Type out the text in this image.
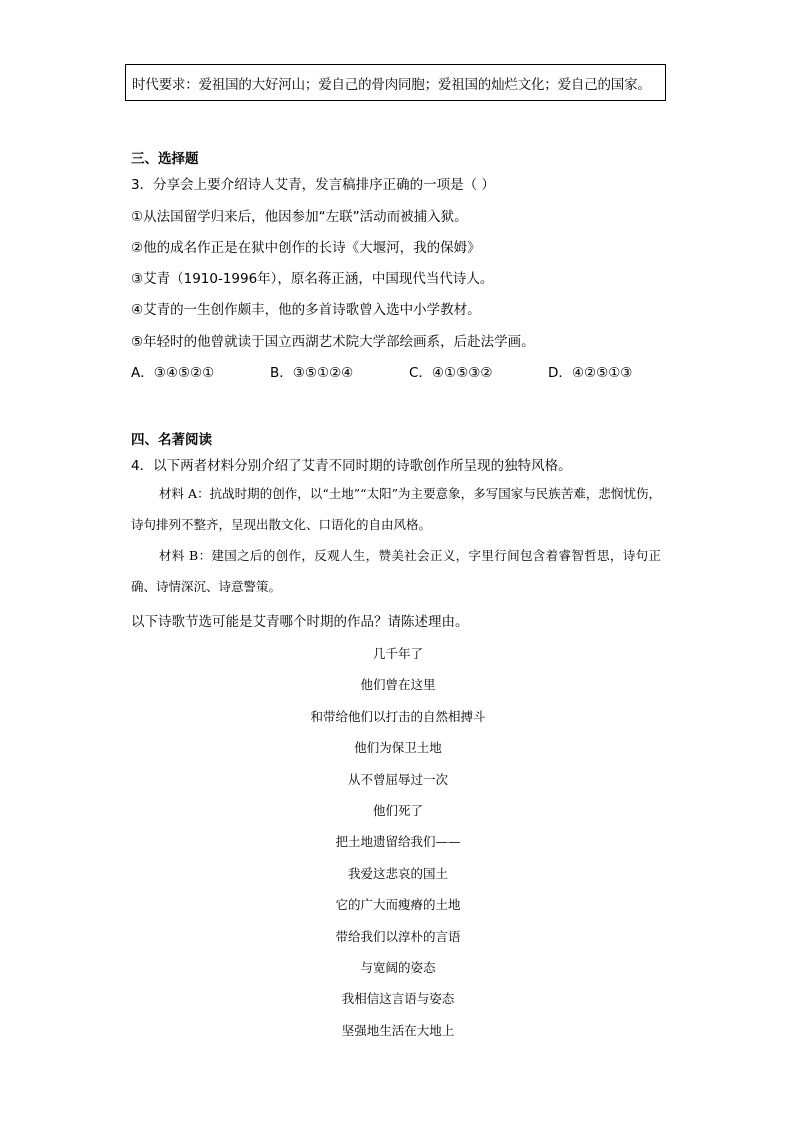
时代要求：爱祖国的大好河山；爱自己的骨肉同胞；爱祖国的灿烂文化；爱自己的国家。
三、选择题
3．分享会上要介绍诗人艾青，发言稿排序正确的一项是（ ）
①从法国留学归来后，他因参加“左联”活动而被捕入狱。
②他的成名作正是在狱中创作的长诗《大堰河，我的保姆》
③艾青（1910-1996年），原名蒋正涵，中国现代当代诗人。
④艾青的一生创作颇丰，他的多首诗歌曾入选中小学教材。
⑤年轻时的他曾就读于国立西湖艺术院大学部绘画系，后赴法学画。
A．③④⑤②①	B．③⑤①②④	C．④①⑤③②	D．④②⑤①③
四、名著阅读
4．以下两者材料分别介绍了艾青不同时期的诗歌创作所呈现的独特风格。
材料 A：抗战时期的创作，以“土地”“太阳”为主要意象，多写国家与民族苦难，悲悯忧伤，诗句排列不整齐，呈现出散文化、口语化的自由风格。
材料 B：建国之后的创作，反观人生，赞美社会正义，字里行间包含着睿智哲思，诗句正确、诗情深沉、诗意警策。
以下诗歌节选可能是艾青哪个时期的作品？请陈述理由。
几千年了
他们曾在这里
和带给他们以打击的自然相搏斗
他们为保卫土地
从不曾屈辱过一次
他们死了
把土地遗留给我们——
我爱这悲哀的国土
它的广大而瘦瘠的土地
带给我们以淳朴的言语
与宽阔的姿态
我相信这言语与姿态
坚强地生活在大地上
